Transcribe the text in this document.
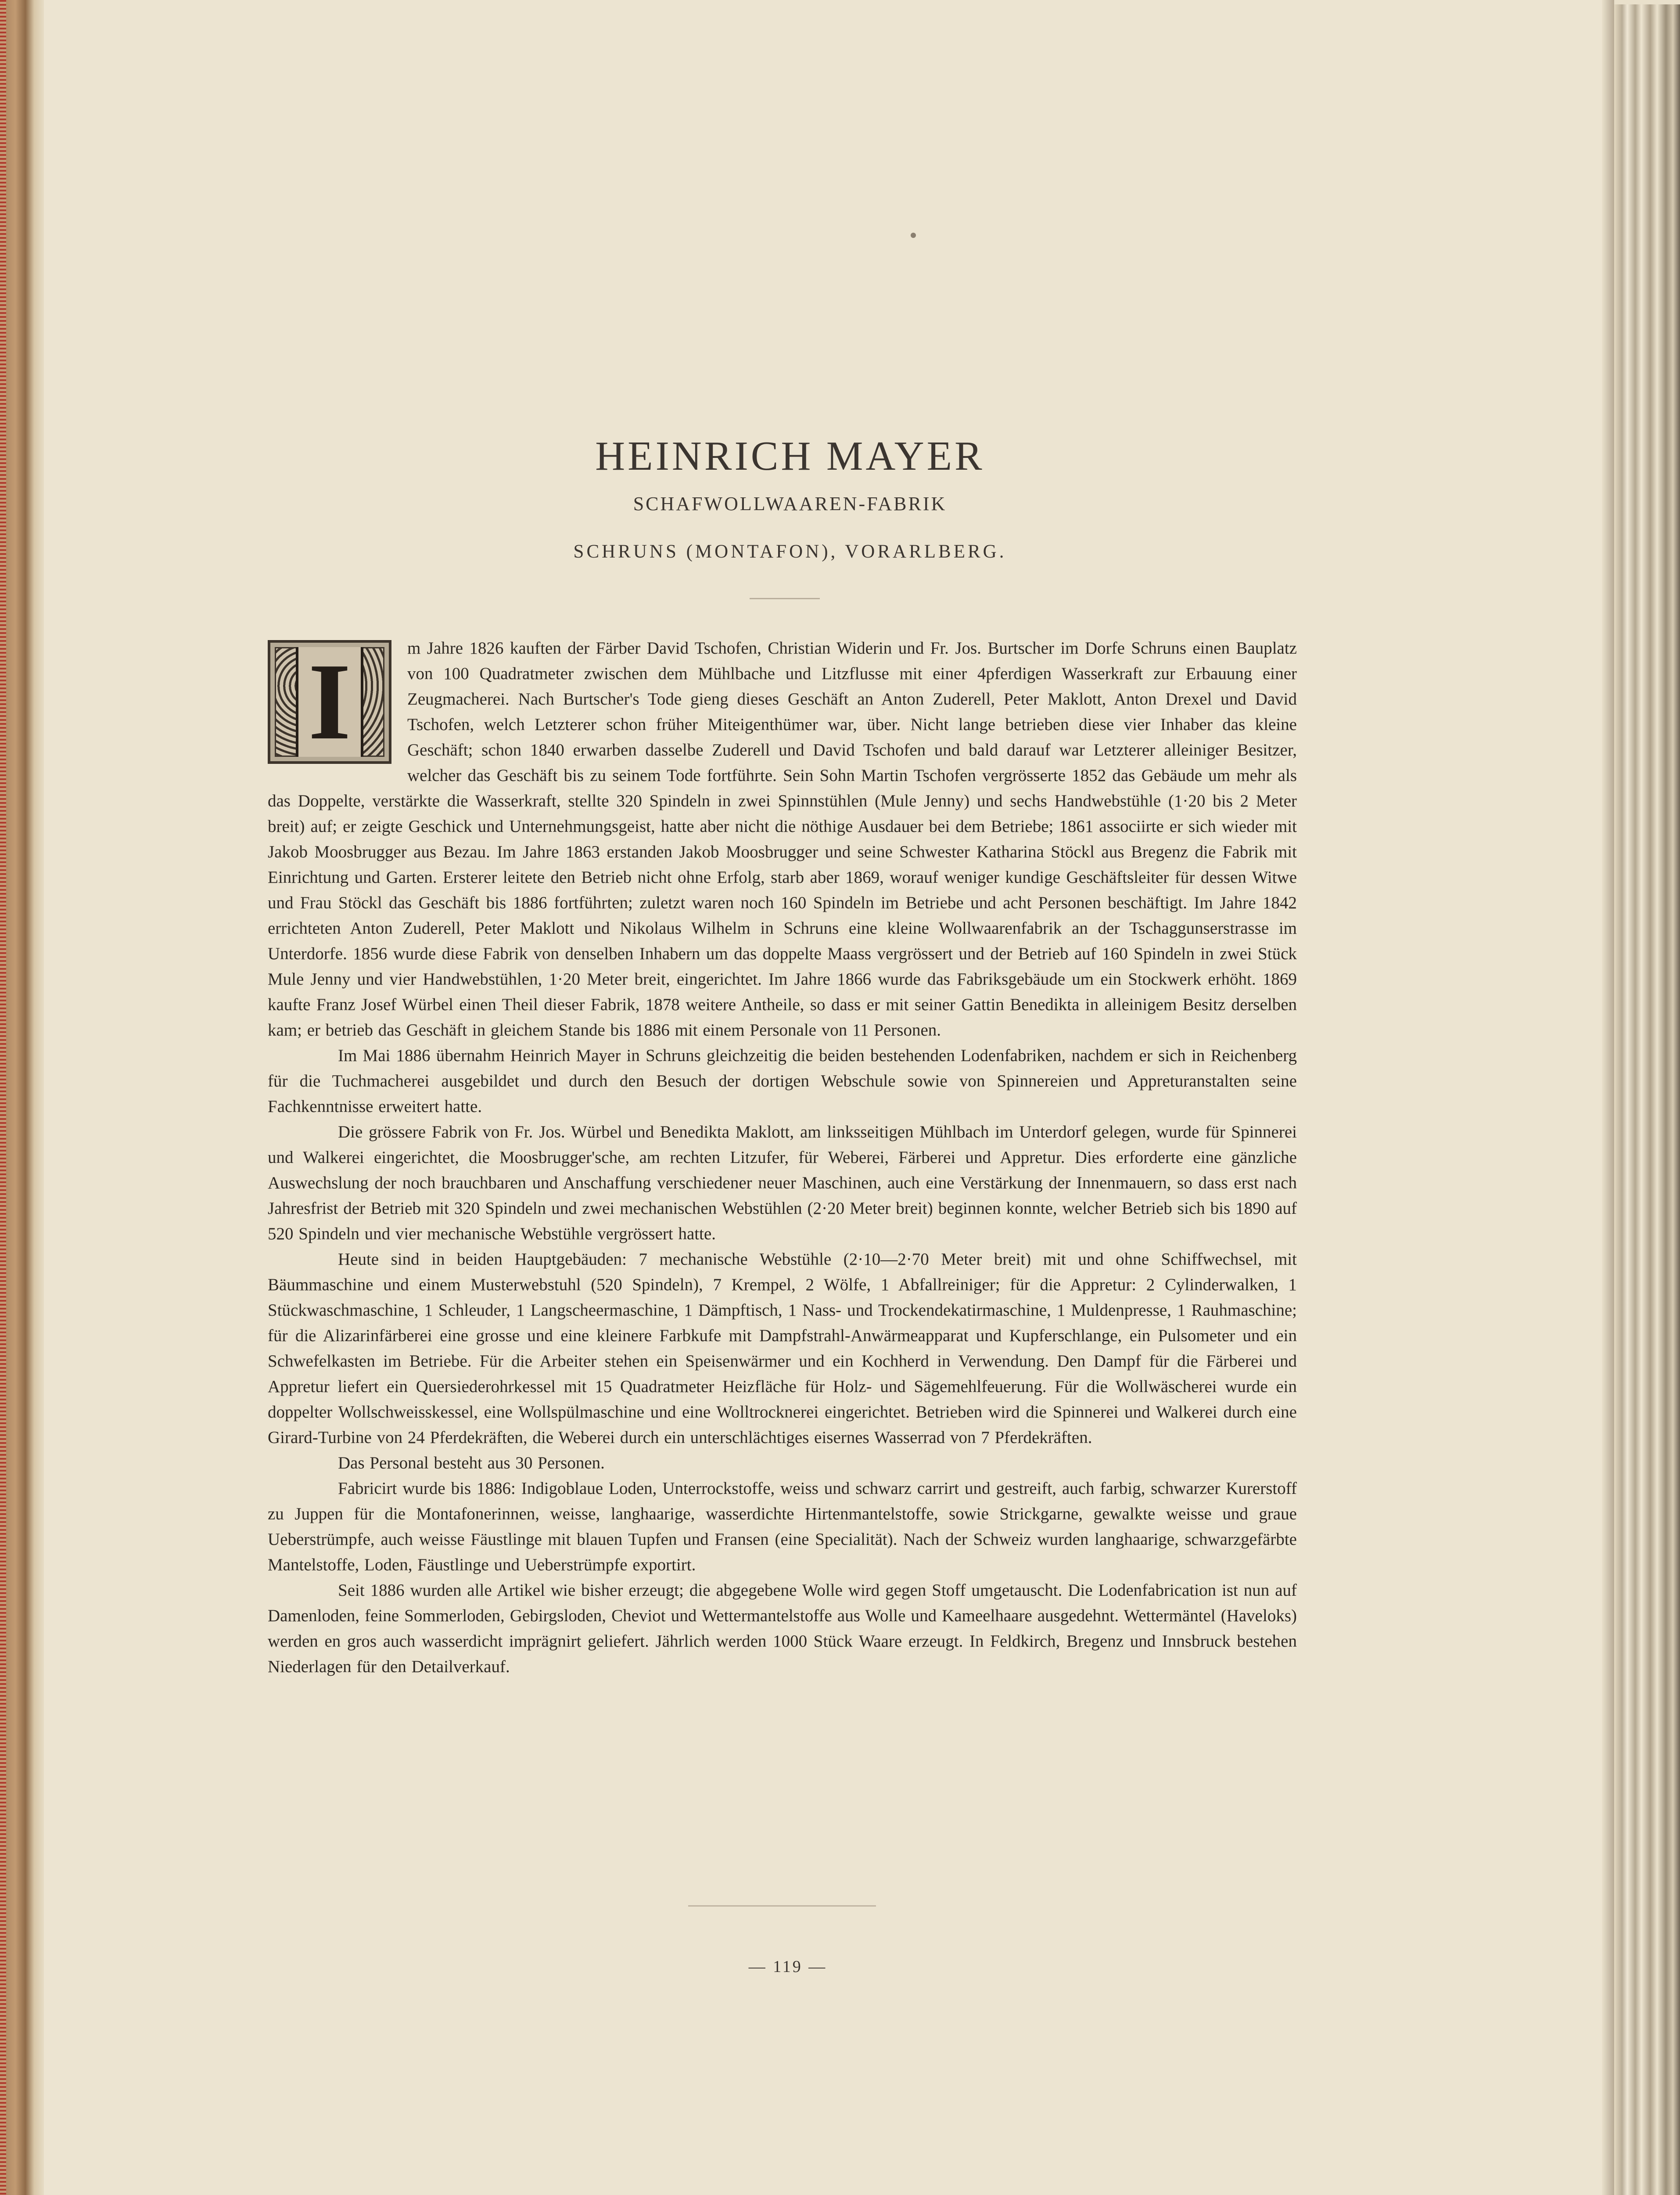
HEINRICH MAYER
SCHAFWOLLWAAREN-FABRIK
SCHRUNS (MONTAFON), VORARLBERG.
I	m Jahre 1826 kauften der Färber David Tschofen, Christian Widerin und Fr. Jos. Burtscher im Dorfe Schruns einen Bauplatz von 100 Quadratmeter zwischen dem Mühlbache und Litzflusse mit einer 4pferdigen Wasserkraft zur Erbauung einer Zeugmacherei. Nach Burtscher's Tode gieng dieses Geschäft an Anton Zuderell, Peter Maklott, Anton Drexel und David Tschofen, welch Letzterer schon früher Miteigenthümer war, über. Nicht lange betrieben diese vier Inhaber das kleine Geschäft; schon 1840 erwarben dasselbe Zuderell und David Tschofen und bald darauf war Letzterer alleiniger Besitzer, welcher das Geschäft bis zu seinem Tode fortführte. Sein Sohn Martin Tschofen vergrösserte 1852 das Gebäude um mehr als das Doppelte, verstärkte die Wasserkraft, stellte 320 Spindeln in zwei Spinnstühlen (Mule Jenny) und sechs Handwebstühle (1·20 bis 2 Meter breit) auf; er zeigte Geschick und Unternehmungsgeist, hatte aber nicht die nöthige Ausdauer bei dem Betriebe; 1861 associirte er sich wieder mit Jakob Moosbrugger aus Bezau. Im Jahre 1863 erstanden Jakob Moosbrugger und seine Schwester Katharina Stöckl aus Bregenz die Fabrik mit Einrichtung und Garten. Ersterer leitete den Betrieb nicht ohne Erfolg, starb aber 1869, worauf weniger kundige Geschäftsleiter für dessen Witwe und Frau Stöckl das Geschäft bis 1886 fortführten; zuletzt waren noch 160 Spindeln im Betriebe und acht Personen beschäftigt. Im Jahre 1842 errichteten Anton Zuderell, Peter Maklott und Nikolaus Wilhelm in Schruns eine kleine Wollwaarenfabrik an der Tschaggunserstrasse im Unterdorfe. 1856 wurde diese Fabrik von denselben Inhabern um das doppelte Maass vergrössert und der Betrieb auf 160 Spindeln in zwei Stück Mule Jenny und vier Handwebstühlen, 1·20 Meter breit, eingerichtet. Im Jahre 1866 wurde das Fabriksgebäude um ein Stockwerk erhöht. 1869 kaufte Franz Josef Würbel einen Theil dieser Fabrik, 1878 weitere Antheile, so dass er mit seiner Gattin Benedikta in alleinigem Besitz derselben kam; er betrieb das Geschäft in gleichem Stande bis 1886 mit einem Personale von 11 Personen.

Im Mai 1886 übernahm Heinrich Mayer in Schruns gleichzeitig die beiden bestehenden Lodenfabriken, nachdem er sich in Reichenberg für die Tuchmacherei ausgebildet und durch den Besuch der dortigen Webschule sowie von Spinnereien und Appreturanstalten seine Fachkenntnisse erweitert hatte.

Die grössere Fabrik von Fr. Jos. Würbel und Benedikta Maklott, am linksseitigen Mühlbach im Unterdorf gelegen, wurde für Spinnerei und Walkerei eingerichtet, die Moosbrugger'sche, am rechten Litzufer, für Weberei, Färberei und Appretur. Dies erforderte eine gänzliche Auswechslung der noch brauchbaren und Anschaffung verschiedener neuer Maschinen, auch eine Verstärkung der Innenmauern, so dass erst nach Jahresfrist der Betrieb mit 320 Spindeln und zwei mechanischen Webstühlen (2·20 Meter breit) beginnen konnte, welcher Betrieb sich bis 1890 auf 520 Spindeln und vier mechanische Webstühle vergrössert hatte.

Heute sind in beiden Hauptgebäuden: 7 mechanische Webstühle (2·10—2·70 Meter breit) mit und ohne Schiffwechsel, mit Bäummaschine und einem Musterwebstuhl (520 Spindeln), 7 Krempel, 2 Wölfe, 1 Abfallreiniger; für die Appretur: 2 Cylinderwalken, 1 Stückwaschmaschine, 1 Schleuder, 1 Langscheermaschine, 1 Dämpftisch, 1 Nass- und Trockendekatirmaschine, 1 Muldenpresse, 1 Rauhmaschine; für die Alizarinfärberei eine grosse und eine kleinere Farbkufe mit Dampfstrahl-Anwärmeapparat und Kupferschlange, ein Pulsometer und ein Schwefelkasten im Betriebe. Für die Arbeiter stehen ein Speisenwärmer und ein Kochherd in Verwendung. Den Dampf für die Färberei und Appretur liefert ein Quersiederohrkessel mit 15 Quadratmeter Heizfläche für Holz- und Sägemehlfeuerung. Für die Wollwäscherei wurde ein doppelter Wollschweisskessel, eine Wollspülmaschine und eine Wolltrocknerei eingerichtet. Betrieben wird die Spinnerei und Walkerei durch eine Girard-Turbine von 24 Pferdekräften, die Weberei durch ein unterschlächtiges eisernes Wasserrad von 7 Pferdekräften.

Das Personal besteht aus 30 Personen.

Fabricirt wurde bis 1886: Indigoblaue Loden, Unterrockstoffe, weiss und schwarz carrirt und gestreift, auch farbig, schwarzer Kurerstoff zu Juppen für die Montafonerinnen, weisse, langhaarige, wasserdichte Hirtenmantelstoffe, sowie Strickgarne, gewalkte weisse und graue Ueberstrümpfe, auch weisse Fäustlinge mit blauen Tupfen und Fransen (eine Specialität). Nach der Schweiz wurden langhaarige, schwarzgefärbte Mantelstoffe, Loden, Fäustlinge und Ueberstrümpfe exportirt.

Seit 1886 wurden alle Artikel wie bisher erzeugt; die abgegebene Wolle wird gegen Stoff umgetauscht. Die Lodenfabrication ist nun auf Damenloden, feine Sommerloden, Gebirgsloden, Cheviot und Wettermantelstoffe aus Wolle und Kameelhaare ausgedehnt. Wettermäntel (Haveloks) werden en gros auch wasserdicht imprägnirt geliefert. Jährlich werden 1000 Stück Waare erzeugt. In Feldkirch, Bregenz und Innsbruck bestehen Niederlagen für den Detailverkauf.

— 119 —
